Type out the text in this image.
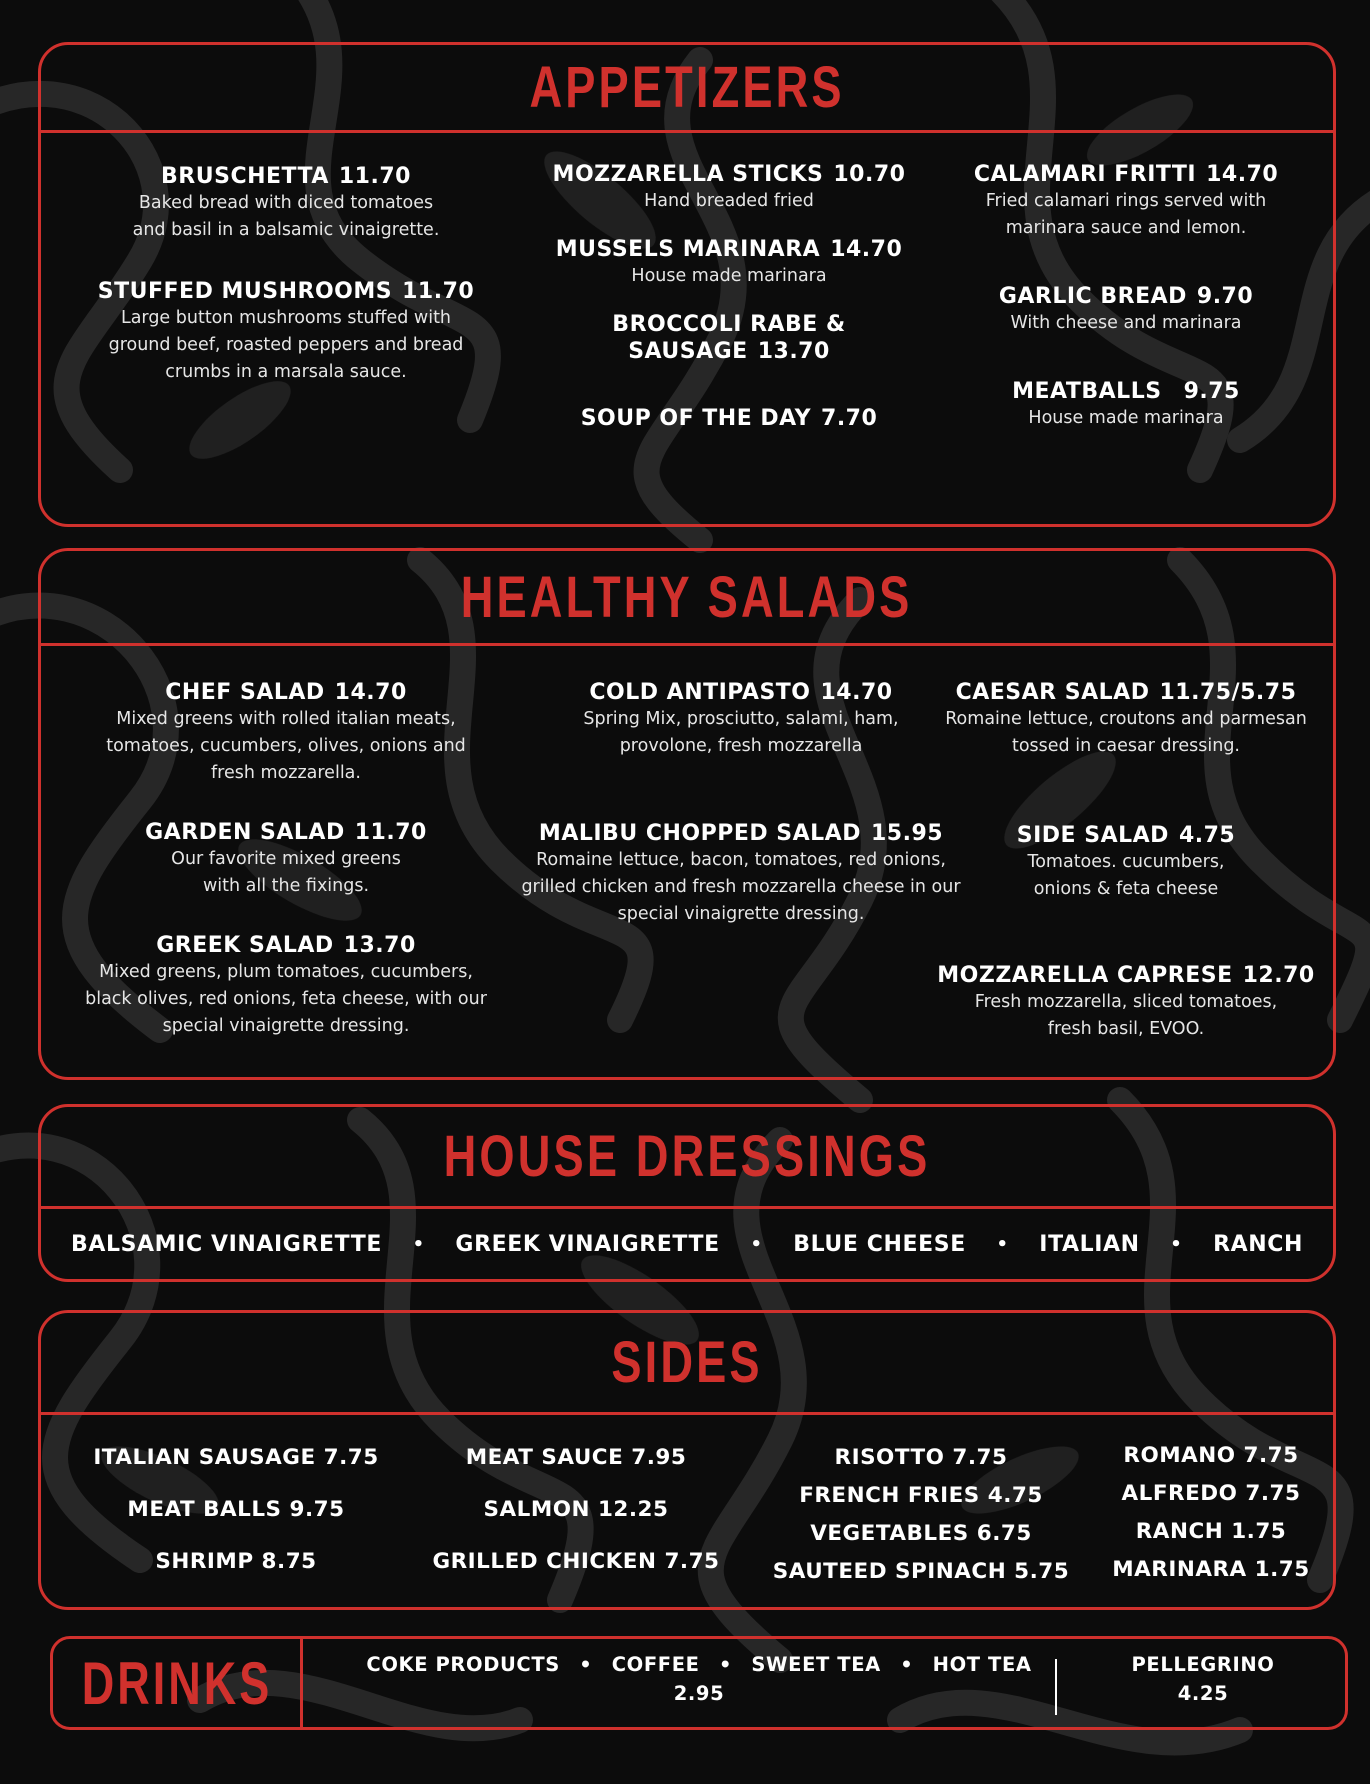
APPETIZERS
BRUSCHETTA 11.70
Baked bread with diced tomatoes and basil in a balsamic vinaigrette.
STUFFED MUSHROOMS 11.70
Large button mushrooms stuffed with ground beef, roasted peppers and bread crumbs in a marsala sauce.
MOZZARELLA STICKS 10.70
Hand breaded fried
MUSSELS MARINARA 14.70
House made marinara
BROCCOLI RABE &
SAUSAGE 13.70
SOUP OF THE DAY 7.70
CALAMARI FRITTI 14.70
Fried calamari rings served with marinara sauce and lemon.
GARLIC BREAD 9.70
With cheese and marinara
MEATBALLS 9.75
House made marinara
HEALTHY SALADS
CHEF SALAD 14.70
Mixed greens with rolled italian meats, tomatoes, cucumbers, olives, onions and fresh mozzarella.
GARDEN SALAD 11.70
Our favorite mixed greens with all the fixings.
GREEK SALAD 13.70
Mixed greens, plum tomatoes, cucumbers, black olives, red onions, feta cheese, with our special vinaigrette dressing.
COLD ANTIPASTO 14.70
Spring Mix, prosciutto, salami, ham, provolone, fresh mozzarella
MALIBU CHOPPED SALAD 15.95
Romaine lettuce, bacon, tomatoes, red onions, grilled chicken and fresh mozzarella cheese in our special vinaigrette dressing.
CAESAR SALAD 11.75/5.75
Romaine lettuce, croutons and parmesan tossed in caesar dressing.
SIDE SALAD 4.75
Tomatoes. cucumbers, onions & feta cheese
MOZZARELLA CAPRESE 12.70
Fresh mozzarella, sliced tomatoes, fresh basil, EVOO.
HOUSE DRESSINGS
BALSAMIC VINAIGRETTE • GREEK VINAIGRETTE • BLUE CHEESE • ITALIAN • RANCH
SIDES
ITALIAN SAUSAGE 7.75
MEAT BALLS 9.75
SHRIMP 8.75
MEAT SAUCE 7.95
SALMON 12.25
GRILLED CHICKEN 7.75
RISOTTO 7.75
FRENCH FRIES 4.75
VEGETABLES 6.75
SAUTEED SPINACH 5.75
ROMANO 7.75
ALFREDO 7.75
RANCH 1.75
MARINARA 1.75
DRINKS	COKE PRODUCTS • COFFEE • SWEET TEA • HOT TEA
2.95
PELLEGRINO
4.25
